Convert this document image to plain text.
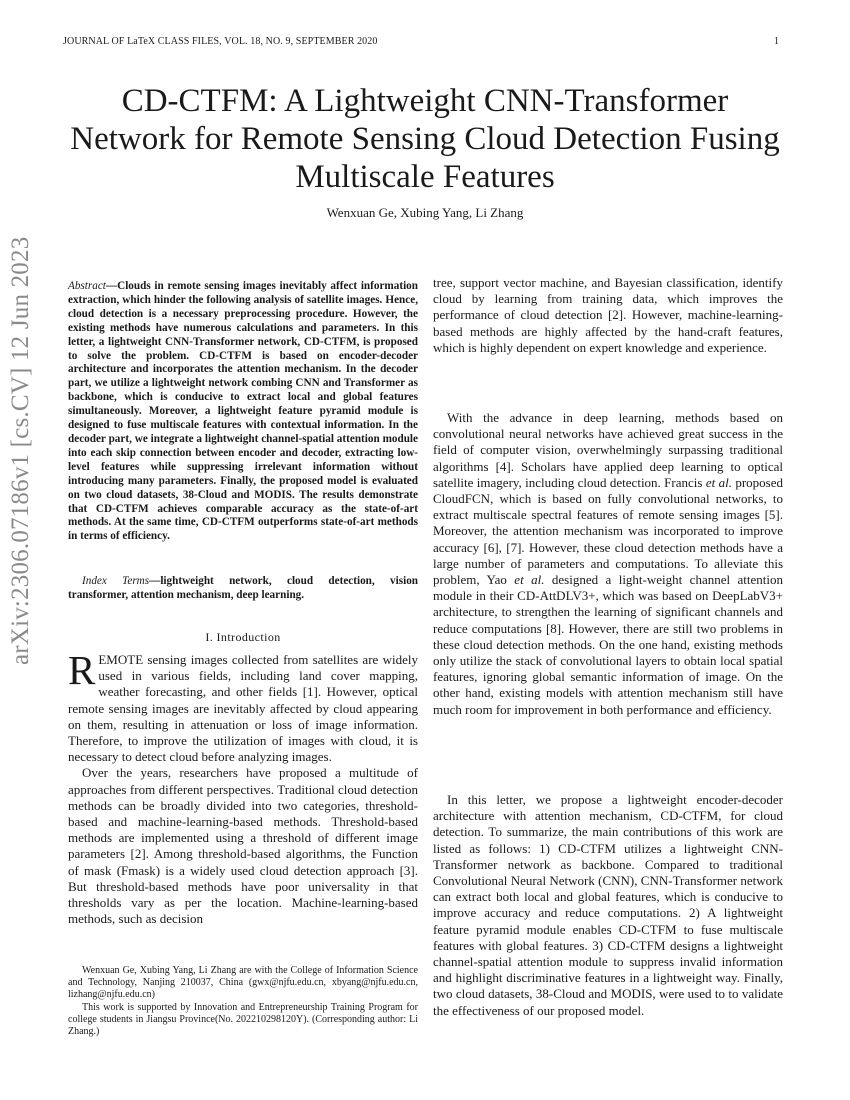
JOURNAL OF LaTeX CLASS FILES, VOL. 18, NO. 9, SEPTEMBER 2020	1
arXiv:2306.07186v1 [cs.CV] 12 Jun 2023
CD-CTFM: A Lightweight CNN-Transformer Network for Remote Sensing Cloud Detection Fusing Multiscale Features
Wenxuan Ge, Xubing Yang, Li Zhang

Abstract—Clouds in remote sensing images inevitably affect information extraction, which hinder the following analysis of satellite images. Hence, cloud detection is a necessary preprocessing procedure. However, the existing methods have numerous calculations and parameters. In this letter, a lightweight CNN-Transformer network, CD-CTFM, is proposed to solve the problem. CD-CTFM is based on encoder-decoder architecture and incorporates the attention mechanism. In the decoder part, we utilize a lightweight network combing CNN and Transformer as backbone, which is conducive to extract local and global features simultaneously. Moreover, a lightweight feature pyramid module is designed to fuse multiscale features with contextual information. In the decoder part, we integrate a lightweight channel-spatial attention module into each skip connection between encoder and decoder, extracting low-level features while suppressing irrelevant information without introducing many parameters. Finally, the proposed model is evaluated on two cloud datasets, 38-Cloud and MODIS. The results demonstrate that CD-CTFM achieves comparable accuracy as the state-of-art methods. At the same time, CD-CTFM outperforms state-of-art methods in terms of efficiency.

Index Terms—lightweight network, cloud detection, vision transformer, attention mechanism, deep learning.

I. Introduction

REMOTE sensing images collected from satellites are widely used in various fields, including land cover mapping, weather forecasting, and other fields [1]. However, optical remote sensing images are inevitably affected by cloud appearing on them, resulting in attenuation or loss of image information. Therefore, to improve the utilization of images with cloud, it is necessary to detect cloud before analyzing images.

Over the years, researchers have proposed a multitude of approaches from different perspectives. Traditional cloud detection methods can be broadly divided into two categories, threshold-based and machine-learning-based methods. Threshold-based methods are implemented using a threshold of different image parameters [2]. Among threshold-based algorithms, the Function of mask (Fmask) is a widely used cloud detection approach [3]. But threshold-based methods have poor universality in that thresholds vary as per the location. Machine-learning-based methods, such as decision

Wenxuan Ge, Xubing Yang, Li Zhang are with the College of Information Science and Technology, Nanjing 210037, China (gwx@njfu.edu.cn, xbyang@njfu.edu.cn, lizhang@njfu.edu.cn)

This work is supported by Innovation and Entrepreneurship Training Program for college students in Jiangsu Province(No. 202210298120Y). (Corresponding author: Li Zhang.)

tree, support vector machine, and Bayesian classification, identify cloud by learning from training data, which improves the performance of cloud detection [2]. However, machine-learning-based methods are highly affected by the hand-craft features, which is highly dependent on expert knowledge and experience.
With the advance in deep learning, methods based on convolutional neural networks have achieved great success in the field of computer vision, overwhelmingly surpassing traditional algorithms [4]. Scholars have applied deep learning to optical satellite imagery, including cloud detection. Francis et al. proposed CloudFCN, which is based on fully convolutional networks, to extract multiscale spectral features of remote sensing images [5]. Moreover, the attention mechanism was incorporated to improve accuracy [6], [7]. However, these cloud detection methods have a large number of parameters and computations. To alleviate this problem, Yao et al. designed a light-weight channel attention module in their CD-AttDLV3+, which was based on DeepLabV3+ architecture, to strengthen the learning of significant channels and reduce computations [8]. However, there are still two problems in these cloud detection methods. On the one hand, existing methods only utilize the stack of convolutional layers to obtain local spatial features, ignoring global semantic information of image. On the other hand, existing models with attention mechanism still have much room for improvement in both performance and efficiency.
In this letter, we propose a lightweight encoder-decoder architecture with attention mechanism, CD-CTFM, for cloud detection. To summarize, the main contributions of this work are listed as follows: 1) CD-CTFM utilizes a lightweight CNN-Transformer network as backbone. Compared to traditional Convolutional Neural Network (CNN), CNN-Transformer network can extract both local and global features, which is conducive to improve accuracy and reduce computations. 2) A lightweight feature pyramid module enables CD-CTFM to fuse multiscale features with global features. 3) CD-CTFM designs a lightweight channel-spatial attention module to suppress invalid information and highlight discriminative features in a lightweight way. Finally, two cloud datasets, 38-Cloud and MODIS, were used to to validate the effectiveness of our proposed model.
